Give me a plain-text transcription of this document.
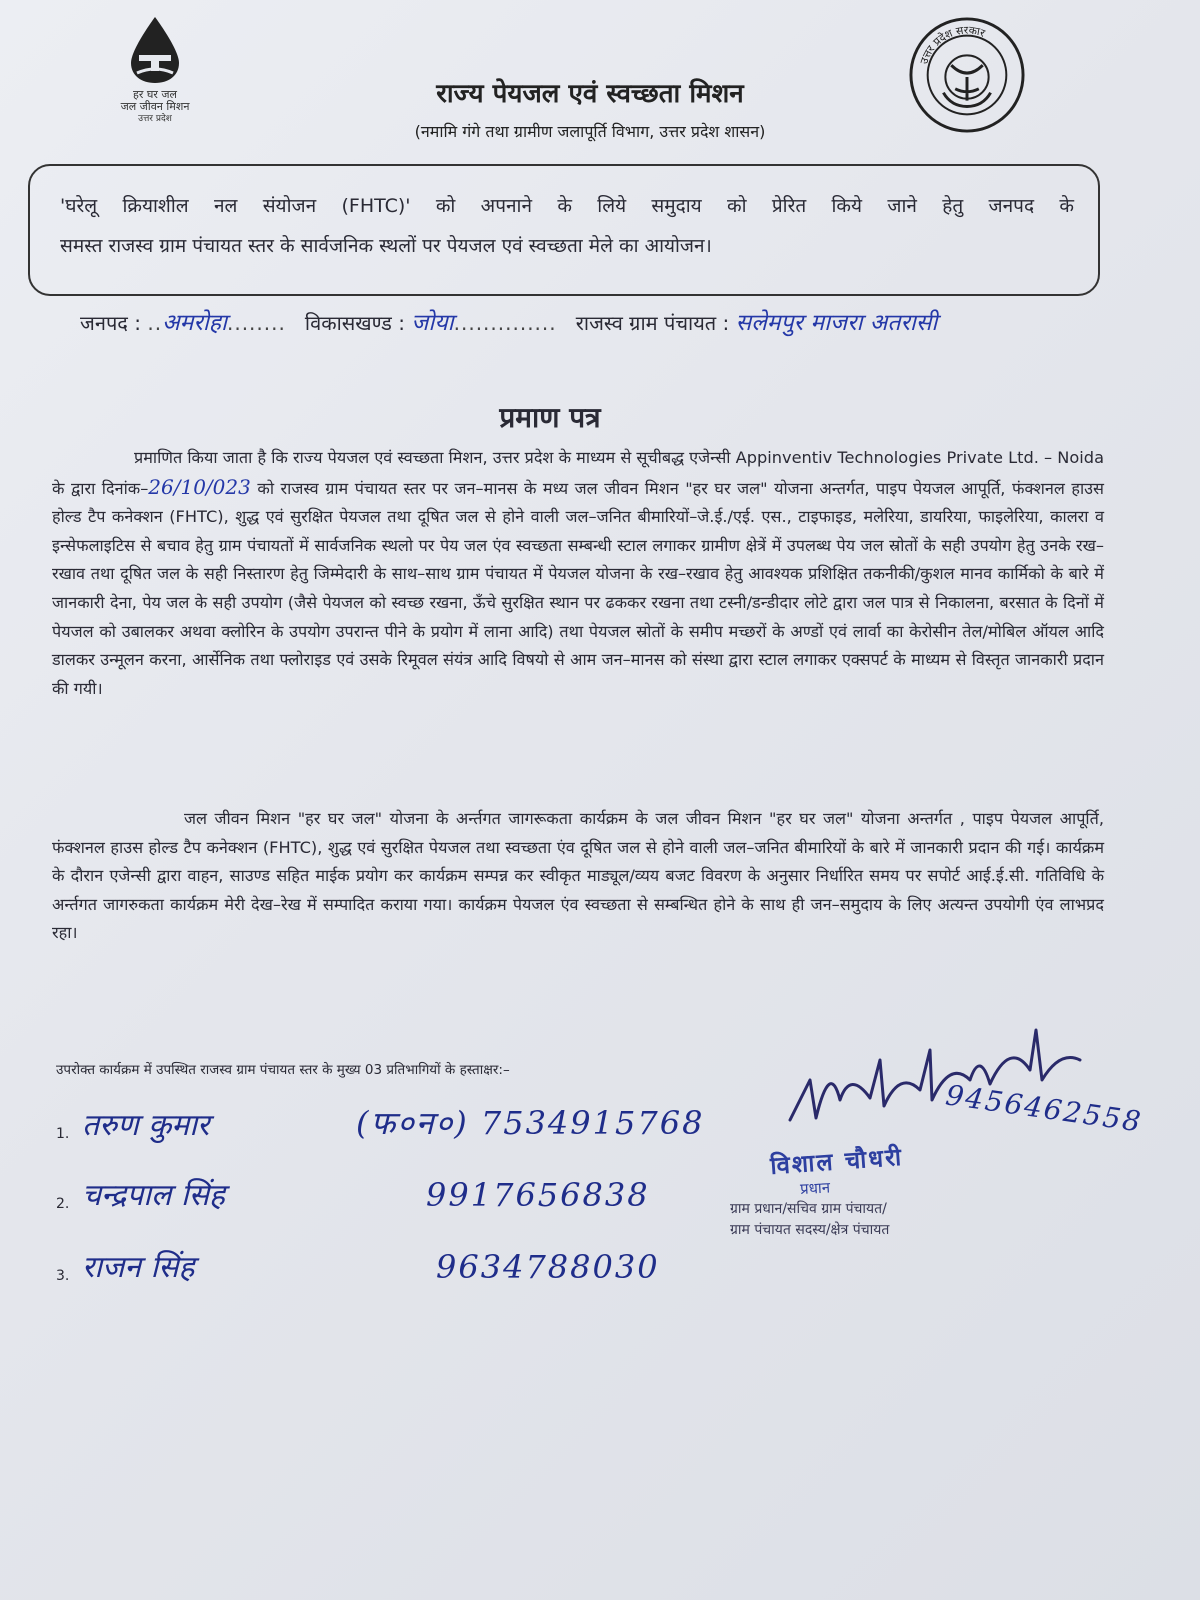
हर घर जल
जल जीवन मिशन
उत्तर प्रदेश
राज्य पेयजल एवं स्वच्छता मिशन
(नमामि गंगे तथा ग्रामीण जलापूर्ति विभाग, उत्तर प्रदेश शासन)
उत्तर प्रदेश सरकार

'घरेलू क्रियाशील नल संयोजन (FHTC)' को अपनाने के लिये समुदाय को प्रेरित किये जाने हेतु जनपद के

समस्त राजस्व ग्राम पंचायत स्तर के सार्वजनिक स्थलों पर पेयजल एवं स्वच्छता मेले का आयोजन।

जनपद : ..अमरोहा........ विकासखण्ड : जोया.............. राजस्व ग्राम पंचायत : सलेमपुर माजरा अतरासी
प्रमाण पत्र
प्रमाणित किया जाता है कि राज्य पेयजल एवं स्वच्छता मिशन, उत्तर प्रदेश के माध्यम से सूचीबद्ध एजेन्सी Appinventiv Technologies Private Ltd. – Noida के द्वारा दिनांक–26/10/023 को राजस्व ग्राम पंचायत स्तर पर जन–मानस के मध्य जल जीवन मिशन "हर घर जल" योजना अन्तर्गत, पाइप पेयजल आपूर्ति, फंक्शनल हाउस होल्ड टैप कनेक्शन (FHTC), शुद्ध एवं सुरक्षित पेयजल तथा दूषित जल से होने वाली जल–जनित बीमारियों–जे.ई./एई. एस., टाइफाइड, मलेरिया, डायरिया, फाइलेरिया, कालरा व इन्सेफलाइटिस से बचाव हेतु ग्राम पंचायतों में सार्वजनिक स्थलो पर पेय जल एंव स्वच्छता सम्बन्धी स्टाल लगाकर ग्रामीण क्षेत्रें में उपलब्ध पेय जल स्रोतों के सही उपयोग हेतु उनके रख–रखाव तथा दूषित जल के सही निस्तारण हेतु जिम्मेदारी के साथ–साथ ग्राम पंचायत में पेयजल योजना के रख–रखाव हेतु आवश्यक प्रशिक्षित तकनीकी/कुशल मानव कार्मिको के बारे में जानकारी देना, पेय जल के सही उपयोग (जैसे पेयजल को स्वच्छ रखना, ऊँचे सुरक्षित स्थान पर ढककर रखना तथा टस्नी/डन्डीदार लोटे द्वारा जल पात्र से निकालना, बरसात के दिनों में पेयजल को उबालकर अथवा क्लोरिन के उपयोग उपरान्त पीने के प्रयोग में लाना आदि) तथा पेयजल स्रोतों के समीप मच्छरों के अण्डों एवं लार्वा का केरोसीन तेल/मोबिल ऑयल आदि डालकर उन्मूलन करना, आर्सेनिक तथा फ्लोराइड एवं उसके रिमूवल संयंत्र आदि विषयो से आम जन–मानस को संस्था द्वारा स्टाल लगाकर एक्सपर्ट के माध्यम से विस्तृत जानकारी प्रदान की गयी।
जल जीवन मिशन "हर घर जल" योजना के अर्न्तगत जागरूकता कार्यक्रम के जल जीवन मिशन "हर घर जल" योजना अन्तर्गत , पाइप पेयजल आपूर्ति, फंक्शनल हाउस होल्ड टैप कनेक्शन (FHTC), शुद्ध एवं सुरक्षित पेयजल तथा स्वच्छता एंव दूषित जल से होने वाली जल–जनित बीमारियों के बारे में जानकारी प्रदान की गई। कार्यक्रम के दौरान एजेन्सी द्वारा वाहन, साउण्ड सहित माईक प्रयोग कर कार्यक्रम सम्पन्न कर स्वीकृत माड्यूल/व्यय बजट विवरण के अनुसार निर्धारित समय पर सपोर्ट आई.ई.सी. गतिविधि के अर्न्तगत जागरुकता कार्यक्रम मेरी देख–रेख में सम्पादित कराया गया। कार्यक्रम पेयजल एंव स्वच्छता से सम्बन्धित होने के साथ ही जन–समुदाय के लिए अत्यन्त उपयोगी एंव लाभप्रद रहा।
उपरोक्त कार्यक्रम में उपस्थित राजस्व ग्राम पंचायत स्तर के मुख्य 03 प्रतिभागियों के हस्ताक्षर:–
1. तरुण कुमार	(फ०न०) 7534915768
2. चन्द्रपाल सिंह	9917656838
3. राजन सिंह	9634788030
9456462558
विशाल चौधरी
प्रधान
ग्राम प्रधान/सचिव ग्राम पंचायत/
ग्राम पंचायत सदस्य/क्षेत्र पंचायत
